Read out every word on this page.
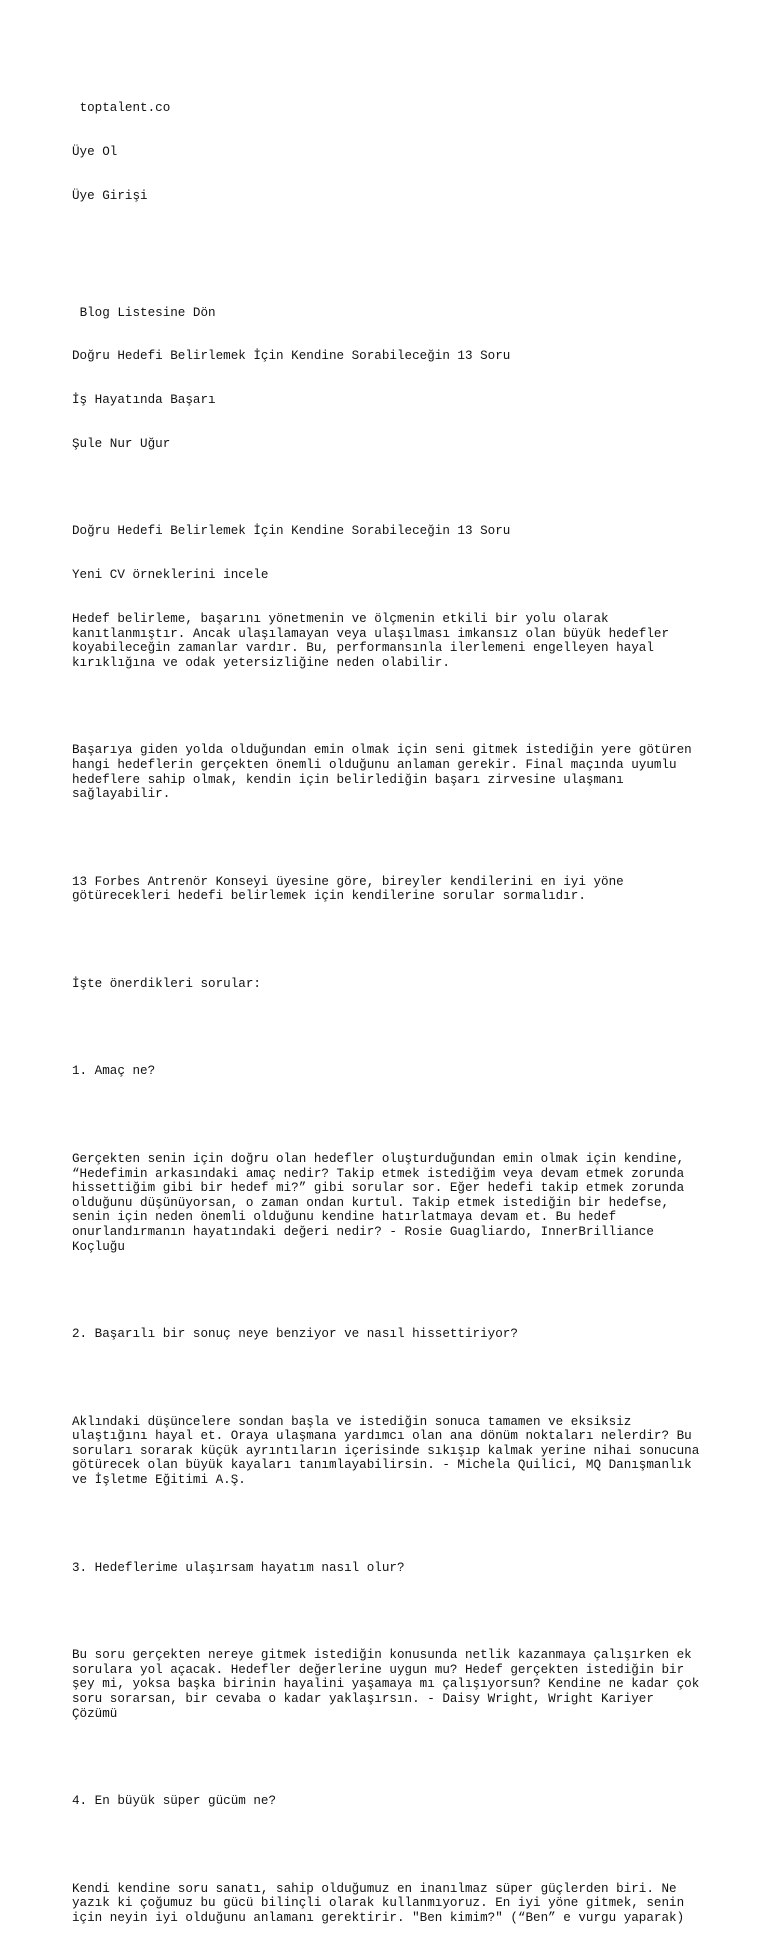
toptalent.co

Üye Ol

Üye Girişi

Blog Listesine Dön

Doğru Hedefi Belirlemek İçin Kendine Sorabileceğin 13 Soru

İş Hayatında Başarı

Şule Nur Uğur

Doğru Hedefi Belirlemek İçin Kendine Sorabileceğin 13 Soru

Yeni CV örneklerini incele

Hedef belirleme, başarını yönetmenin ve ölçmenin etkili bir yolu olarak
kanıtlanmıştır. Ancak ulaşılamayan veya ulaşılması imkansız olan büyük hedefler
koyabileceğin zamanlar vardır. Bu, performansınla ilerlemeni engelleyen hayal
kırıklığına ve odak yetersizliğine neden olabilir.

Başarıya giden yolda olduğundan emin olmak için seni gitmek istediğin yere götüren
hangi hedeflerin gerçekten önemli olduğunu anlaman gerekir. Final maçında uyumlu
hedeflere sahip olmak, kendin için belirlediğin başarı zirvesine ulaşmanı
sağlayabilir.

13 Forbes Antrenör Konseyi üyesine göre, bireyler kendilerini en iyi yöne
götürecekleri hedefi belirlemek için kendilerine sorular sormalıdır.

İşte önerdikleri sorular:

1. Amaç ne?

Gerçekten senin için doğru olan hedefler oluşturduğundan emin olmak için kendine,
“Hedefimin arkasındaki amaç nedir? Takip etmek istediğim veya devam etmek zorunda
hissettiğim gibi bir hedef mi?” gibi sorular sor. Eğer hedefi takip etmek zorunda
olduğunu düşünüyorsan, o zaman ondan kurtul. Takip etmek istediğin bir hedefse,
senin için neden önemli olduğunu kendine hatırlatmaya devam et. Bu hedef
onurlandırmanın hayatındaki değeri nedir? - Rosie Guagliardo, InnerBrilliance
Koçluğu

2. Başarılı bir sonuç neye benziyor ve nasıl hissettiriyor?

Aklındaki düşüncelere sondan başla ve istediğin sonuca tamamen ve eksiksiz
ulaştığını hayal et. Oraya ulaşmana yardımcı olan ana dönüm noktaları nelerdir? Bu
soruları sorarak küçük ayrıntıların içerisinde sıkışıp kalmak yerine nihai sonucuna
götürecek olan büyük kayaları tanımlayabilirsin. - Michela Quilici, MQ Danışmanlık
ve İşletme Eğitimi A.Ş.

3. Hedeflerime ulaşırsam hayatım nasıl olur?

Bu soru gerçekten nereye gitmek istediğin konusunda netlik kazanmaya çalışırken ek
sorulara yol açacak. Hedefler değerlerine uygun mu? Hedef gerçekten istediğin bir
şey mi, yoksa başka birinin hayalini yaşamaya mı çalışıyorsun? Kendine ne kadar çok
soru sorarsan, bir cevaba o kadar yaklaşırsın. - Daisy Wright, Wright Kariyer
Çözümü

4. En büyük süper gücüm ne?

Kendi kendine soru sanatı, sahip olduğumuz en inanılmaz süper güçlerden biri. Ne
yazık ki çoğumuz bu gücü bilinçli olarak kullanmıyoruz. En iyi yöne gitmek, senin
için neyin iyi olduğunu anlamanı gerektirir. "Ben kimim?" (“Ben” e vurgu yaparak)
